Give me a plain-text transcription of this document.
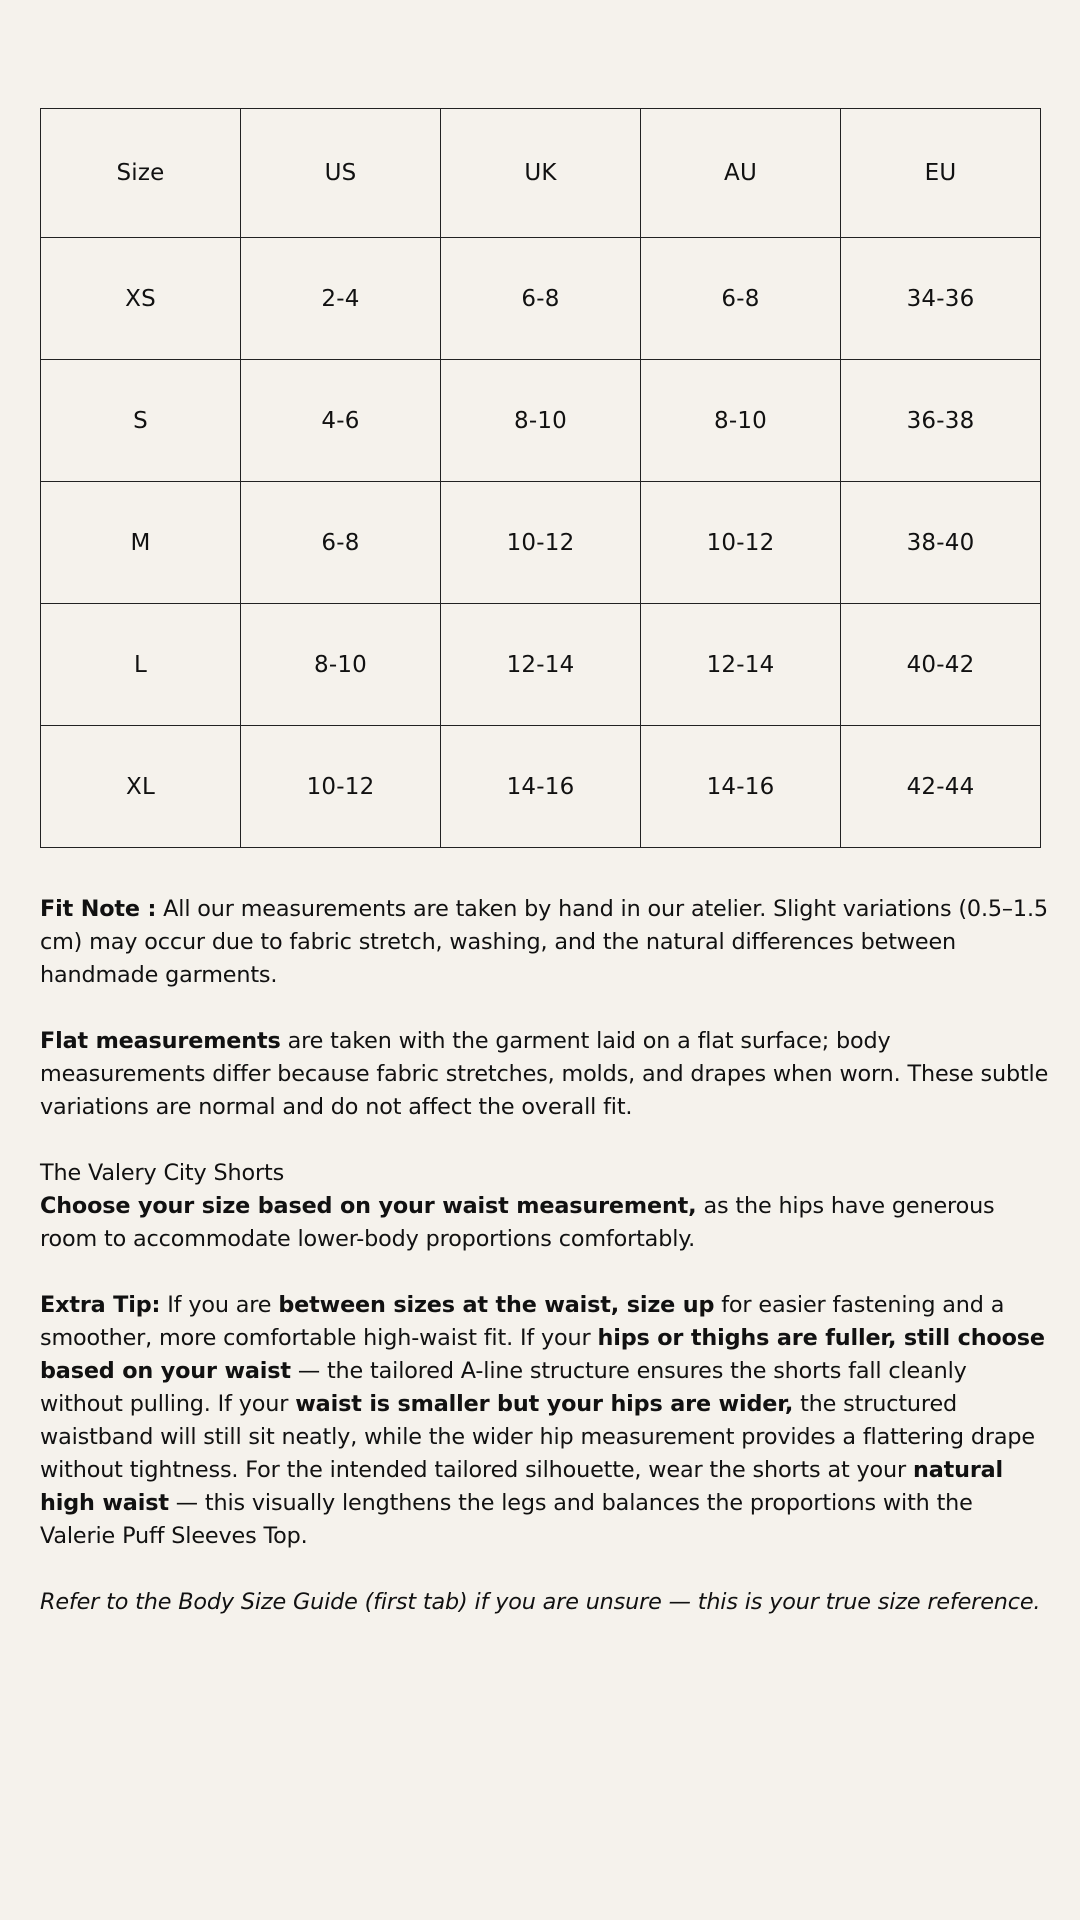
Size	US	UK	AU	EU
XS	2-4	6-8	6-8	34-36
S	4-6	8-10	8-10	36-38
M	6-8	10-12	10-12	38-40
L	8-10	12-14	12-14	40-42
XL	10-12	14-16	14-16	42-44

Fit Note : All our measurements are taken by hand in our atelier. Slight variations (0.5–1.5 cm) may occur due to fabric stretch, washing, and the natural differences between handmade garments.

Flat measurements are taken with the garment laid on a flat surface; body measurements differ because fabric stretches, molds, and drapes when worn. These subtle variations are normal and do not affect the overall fit.

The Valery City Shorts

Choose your size based on your waist measurement, as the hips have generous room to accommodate lower-body proportions comfortably.

Extra Tip: If you are between sizes at the waist, size up for easier fastening and a smoother, more comfortable high-waist fit. If your hips or thighs are fuller, still choose based on your waist — the tailored A-line structure ensures the shorts fall cleanly without pulling. If your waist is smaller but your hips are wider, the structured waistband will still sit neatly, while the wider hip measurement provides a flattering drape without tightness. For the intended tailored silhouette, wear the shorts at your natural high waist — this visually lengthens the legs and balances the proportions with the Valerie Puff Sleeves Top.

Refer to the Body Size Guide (first tab) if you are unsure — this is your true size reference.
